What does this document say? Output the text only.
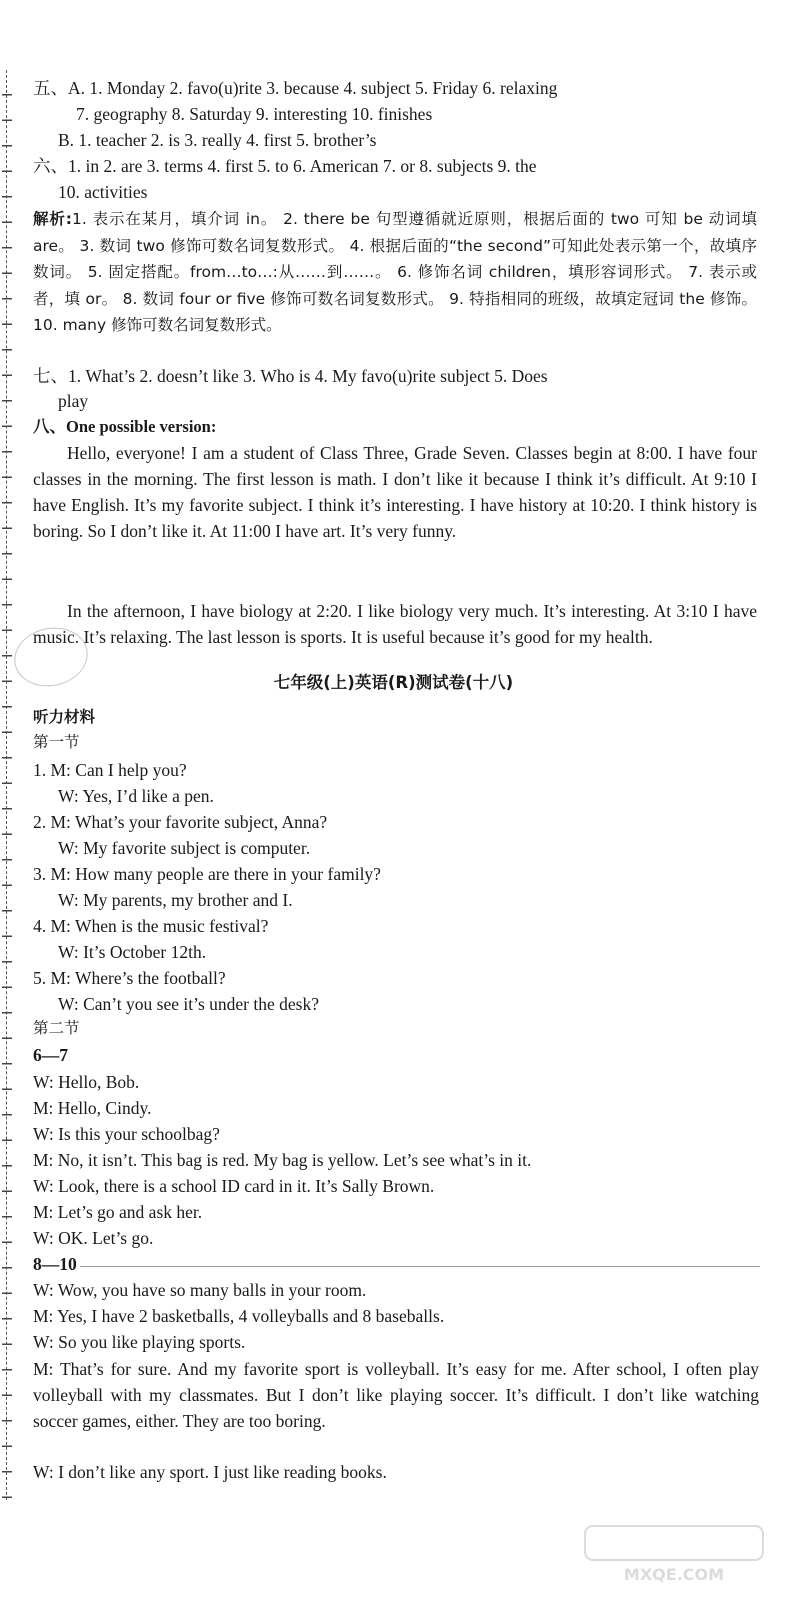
五、A. 1. Monday 2. favo(u)rite 3. because 4. subject 5. Friday 6. relaxing
7. geography 8. Saturday 9. interesting 10. finishes
B. 1. teacher 2. is 3. really 4. first 5. brother’s
六、1. in 2. are 3. terms 4. first 5. to 6. American 7. or 8. subjects 9. the
10. activities
解析:1. 表示在某月，填介词 in。 2. there be 句型遵循就近原则，根据后面的 two 可知 be 动词填 are。 3. 数词 two 修饰可数名词复数形式。 4. 根据后面的“the second”可知此处表示第一个，故填序数词。 5. 固定搭配。from…to…:从……到……。 6. 修饰名词 children，填形容词形式。 7. 表示或者，填 or。 8. 数词 four or five 修饰可数名词复数形式。 9. 特指相同的班级，故填定冠词 the 修饰。 10. many 修饰可数名词复数形式。
七、1. What’s 2. doesn’t like 3. Who is 4. My favo(u)rite subject 5. Does
play
八、One possible version:
Hello, everyone! I am a student of Class Three, Grade Seven. Classes begin at 8:00. I have four classes in the morning. The first lesson is math. I don’t like it because I think it’s difficult. At 9:10 I have English. It’s my favorite subject. I think it’s interesting. I have history at 10:20. I think history is boring. So I don’t like it. At 11:00 I have art. It’s very funny.
In the afternoon, I have biology at 2:20. I like biology very much. It’s interesting. At 3:10 I have music. It’s relaxing. The last lesson is sports. It is useful because it’s good for my health.
七年级(上)英语(R)测试卷(十八)
听力材料
第一节
1. M: Can I help you?
W: Yes, I’d like a pen.
2. M: What’s your favorite subject, Anna?
W: My favorite subject is computer.
3. M: How many people are there in your family?
W: My parents, my brother and I.
4. M: When is the music festival?
W: It’s October 12th.
5. M: Where’s the football?
W: Can’t you see it’s under the desk?
第二节
6—7
W: Hello, Bob.
M: Hello, Cindy.
W: Is this your schoolbag?
M: No, it isn’t. This bag is red. My bag is yellow. Let’s see what’s in it.
W: Look, there is a school ID card in it. It’s Sally Brown.
M: Let’s go and ask her.
W: OK. Let’s go.
8—10
W: Wow, you have so many balls in your room.
M: Yes, I have 2 basketballs, 4 volleyballs and 8 baseballs.
W: So you like playing sports.
M: That’s for sure. And my favorite sport is volleyball. It’s easy for me. After school, I often play volleyball with my classmates. But I don’t like playing soccer. It’s difficult. I don’t like watching soccer games, either. They are too boring.
W: I don’t like any sport. I just like reading books.
MXQE.COM
